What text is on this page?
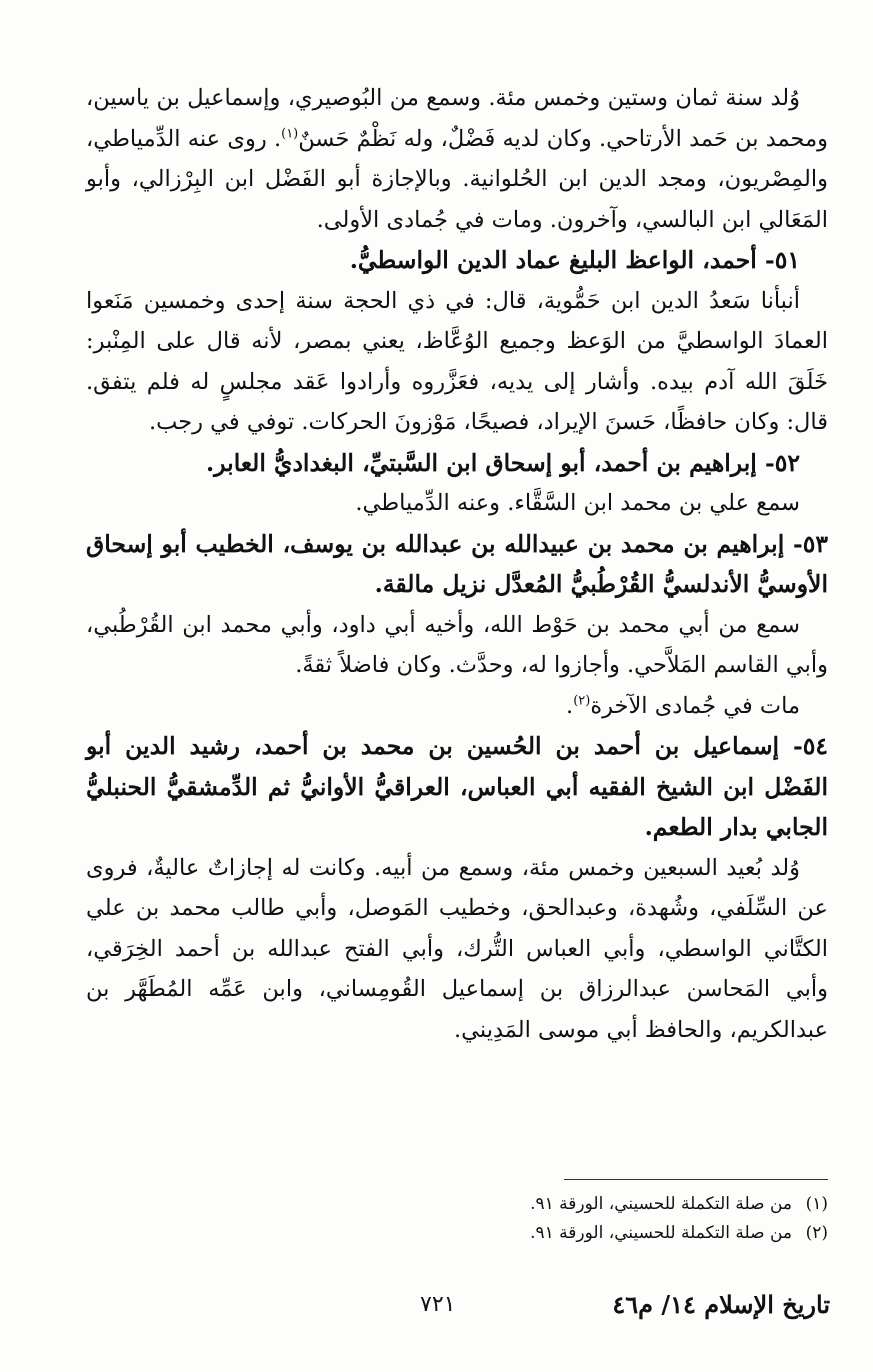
وُلد سنة ثمان وستين وخمس مئة. وسمع من البُوصيري، وإسماعيل بن ياسين، ومحمد بن حَمد الأرتاحي. وكان لديه فَضْلٌ، وله نَظْمٌ حَسنٌ$^{(١)}$. روى عنه الدِّمياطي، والمِصْريون، ومجد الدين ابن الحُلوانية. وبالإجازة أبو الفَضْل ابن البِرْزالي، وأبو المَعَالي ابن البالسي، وآخرون. ومات في جُمادى الأولى.

٥١- أحمد، الواعظ البليغ عماد الدين الواسطيُّ.

أنبأنا سَعدُ الدين ابن حَمُّوية، قال: في ذي الحجة سنة إحدى وخمسين مَنَعوا العمادَ الواسطيَّ من الوَعظ وجميع الوُعَّاظ، يعني بمصر، لأنه قال على المِنْبر: خَلَقَ الله آدم بيده. وأشار إلى يديه، فعَزَّروه وأرادوا عَقد مجلسٍ له فلم يتفق. قال: وكان حافظًا، حَسنَ الإيراد، فصيحًا، مَوْزونَ الحركات. توفي في رجب.

٥٢- إبراهيم بن أحمد، أبو إسحاق ابن السَّبتيِّ، البغداديُّ العابر.

سمع علي بن محمد ابن السَّقَّاء. وعنه الدِّمياطي.

٥٣- إبراهيم بن محمد بن عبيدالله بن عبدالله بن يوسف، الخطيب أبو إسحاق الأوسيُّ الأندلسيُّ القُرْطُبيُّ المُعدَّل نزيل مالقة.

سمع من أبي محمد بن حَوْط الله، وأخيه أبي داود، وأبي محمد ابن القُرْطُبي، وأبي القاسم المَلاَّحي. وأجازوا له، وحدَّث. وكان فاضلاً ثقةً.

مات في جُمادى الآخرة$^{(٢)}$.

٥٤- إسماعيل بن أحمد بن الحُسين بن محمد بن أحمد، رشيد الدين أبو الفَضْل ابن الشيخ الفقيه أبي العباس، العراقيُّ الأوانيُّ ثم الدِّمشقيُّ الحنبليُّ الجابي بدار الطعم.

وُلد بُعيد السبعين وخمس مئة، وسمع من أبيه. وكانت له إجازاتٌ عاليةٌ، فروى عن السِّلَفي، وشُهدة، وعبدالحق، وخطيب المَوصل، وأبي طالب محمد بن علي الكتَّاني الواسطي، وأبي العباس التُّرك، وأبي الفتح عبدالله بن أحمد الخِرَقي، وأبي المَحاسن عبدالرزاق بن إسماعيل القُومِساني، وابن عَمِّه المُطَهَّر بن عبدالكريم، والحافظ أبي موسى المَدِيني.

(١)من صلة التكملة للحسيني، الورقة ٩١.

(٢)من صلة التكملة للحسيني، الورقة ٩١.

تاريخ الإسلام ١٤/ م٤٦
٧٢١
